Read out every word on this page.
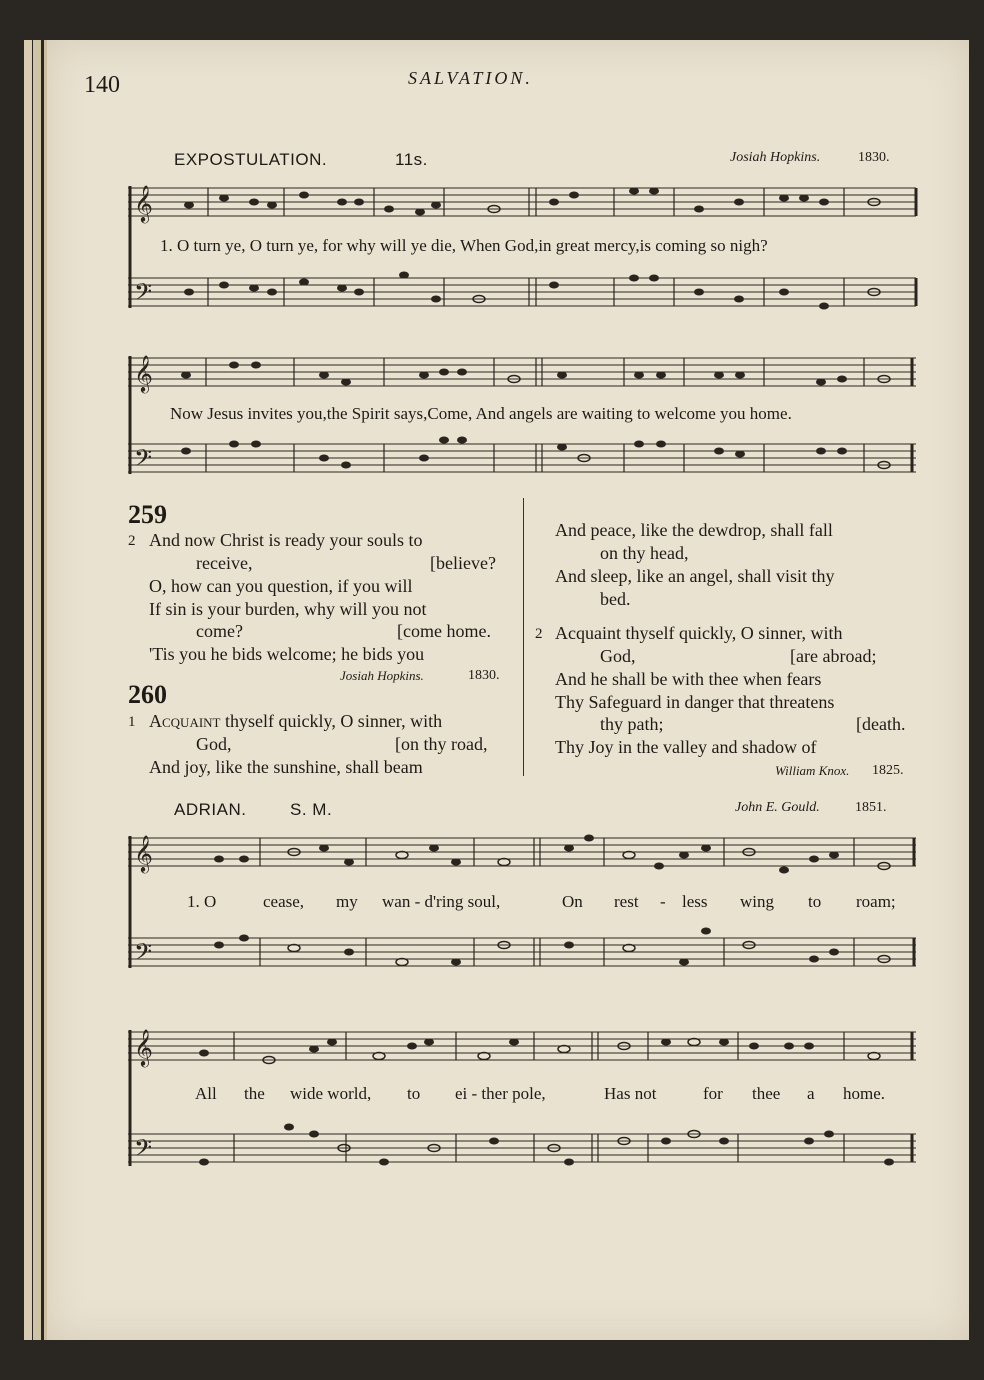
140	SALVATION.
EXPOSTULATION.	11s.	Josiah Hopkins.	1830.
𝄞
𝄢
1. O turn ye, O turn ye, for why will ye die, When God,in great mercy,is coming so nigh?
𝄞
𝄢
Now Jesus invites you,the Spirit says,Come, And angels are waiting to welcome you home.
259
2 And now Christ is ready your souls to
receive,	[believe?
O, how can you question, if you will
If sin is your burden, why will you not
come?	[come home.
'Tis you he bids welcome; he bids you
Josiah Hopkins.	1830.
260
1 Acquaint thyself quickly, O sinner, with
God,	[on thy road,
And joy, like the sunshine, shall beam
And peace, like the dewdrop, shall fall
on thy head,
And sleep, like an angel, shall visit thy
bed.
2 Acquaint thyself quickly, O sinner, with
God,	[are abroad;
And he shall be with thee when fears
Thy Safeguard in danger that threatens
thy path;	[death.
Thy Joy in the valley and shadow of
William Knox. 1825.
ADRIAN.	S. M.	John E. Gould.	1851.
𝄞
𝄢
1. O	cease, my wan - d'ring soul,	On rest - less wing to roam;
𝄞
𝄢
All the wide world, to ei - ther pole,	Has not	for thee a home.
